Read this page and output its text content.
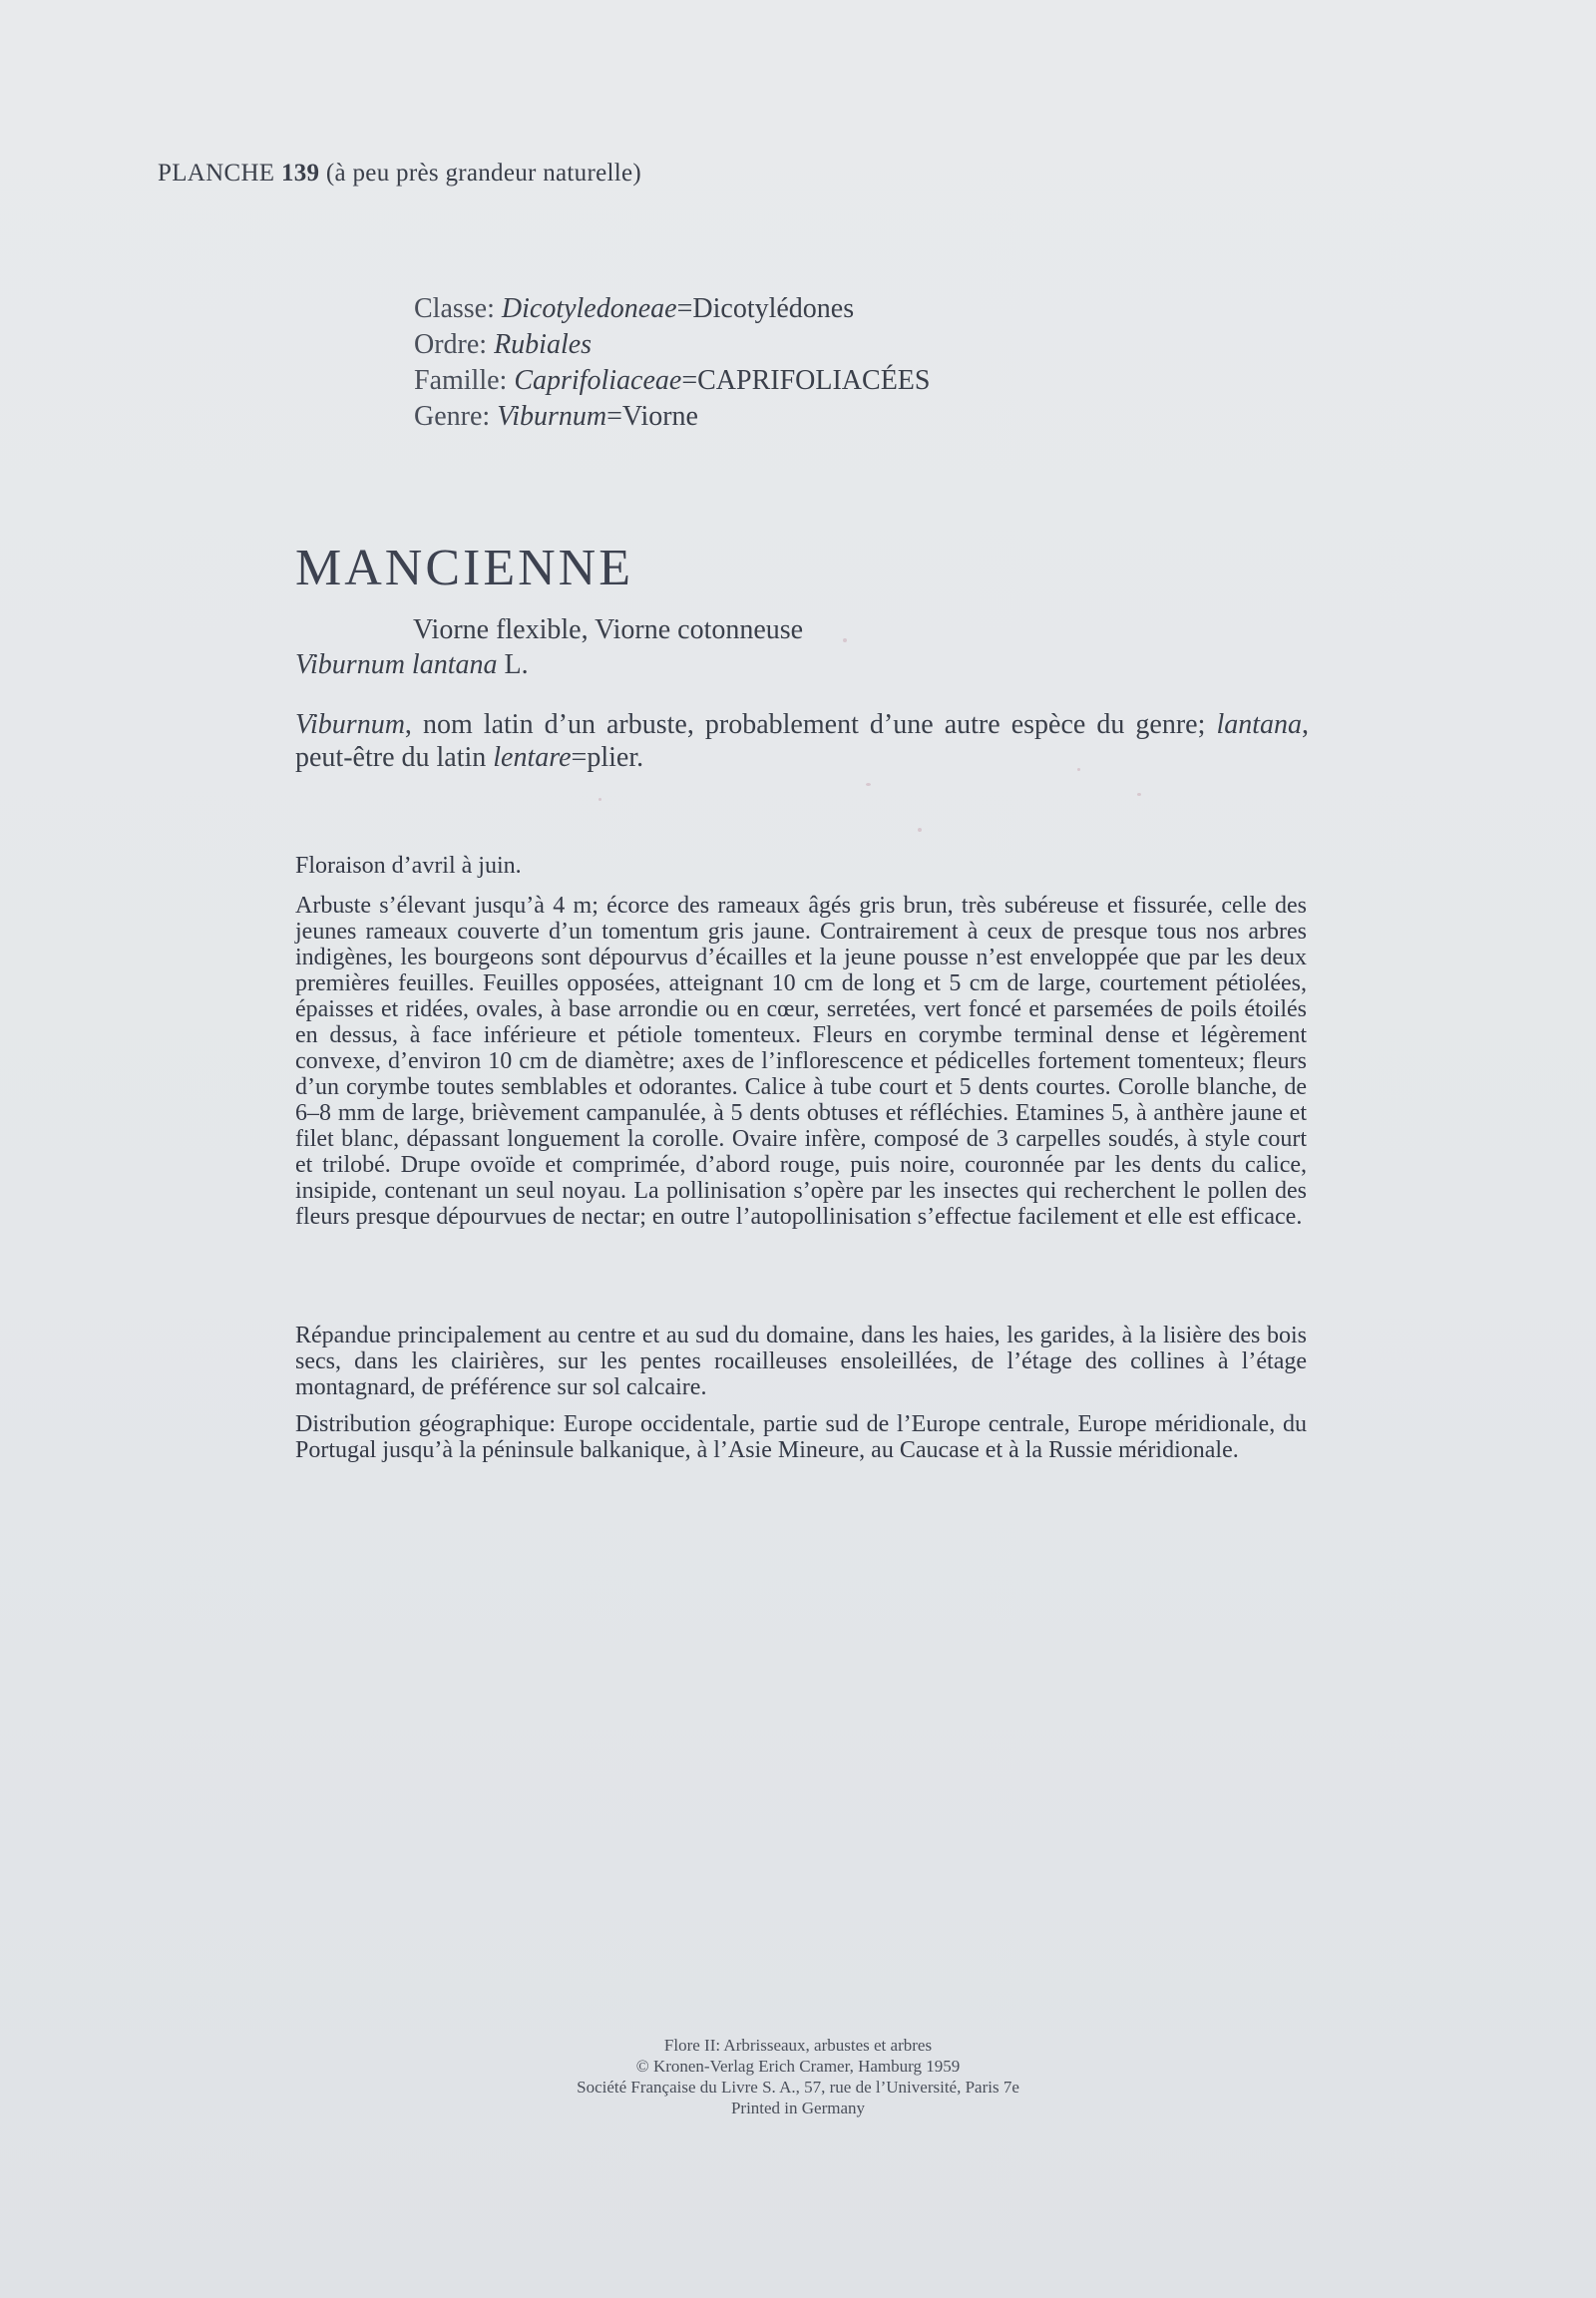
PLANCHE 139 (à peu près grandeur naturelle)
Classe: Dicotyledoneae=Dicotylédones
Ordre: Rubiales
Famille: Caprifoliaceae=CAPRIFOLIACÉES
Genre: Viburnum=Viorne
MANCIENNE
Viorne flexible, Viorne cotonneuse
Viburnum lantana L.
Viburnum, nom latin d’un arbuste, probablement d’une autre espèce du genre; lantana, peut-être du latin lentare=plier.
Floraison d’avril à juin.
Arbuste s’élevant jusqu’à 4 m; écorce des rameaux âgés gris brun, très subéreuse et fissurée, celle des jeunes rameaux couverte d’un tomentum gris jaune. Contrairement à ceux de presque tous nos arbres indigènes, les bourgeons sont dépourvus d’écailles et la jeune pousse n’est enveloppée que par les deux premières feuilles. Feuilles opposées, atteignant 10 cm de long et 5 cm de large, courtement pétiolées, épaisses et ridées, ovales, à base arrondie ou en cœur, serretées, vert foncé et parsemées de poils étoilés en dessus, à face inférieure et pétiole tomenteux. Fleurs en corymbe terminal dense et légèrement convexe, d’environ 10 cm de diamètre; axes de l’inflorescence et pédicelles fortement tomenteux; fleurs d’un corymbe toutes semblables et odorantes. Calice à tube court et 5 dents courtes. Corolle blanche, de 6–8 mm de large, brièvement campanulée, à 5 dents obtuses et réfléchies. Etamines 5, à anthère jaune et filet blanc, dépassant longuement la corolle. Ovaire infère, composé de 3 carpelles soudés, à style court et trilobé. Drupe ovoïde et comprimée, d’abord rouge, puis noire, couronnée par les dents du calice, insipide, contenant un seul noyau. La pollinisation s’opère par les insectes qui recherchent le pollen des fleurs presque dépourvues de nectar; en outre l’autopollinisation s’effectue facilement et elle est efficace.
Répandue principalement au centre et au sud du domaine, dans les haies, les garides, à la lisière des bois secs, dans les clairières, sur les pentes rocailleuses ensoleillées, de l’étage des collines à l’étage montagnard, de préférence sur sol calcaire.
Distribution géographique: Europe occidentale, partie sud de l’Europe centrale, Europe méridionale, du Portugal jusqu’à la péninsule balkanique, à l’Asie Mineure, au Caucase et à la Russie méridionale.
Flore II: Arbrisseaux, arbustes et arbres
© Kronen-Verlag Erich Cramer, Hamburg 1959
Société Française du Livre S. A., 57, rue de l’Université, Paris 7e
Printed in Germany
